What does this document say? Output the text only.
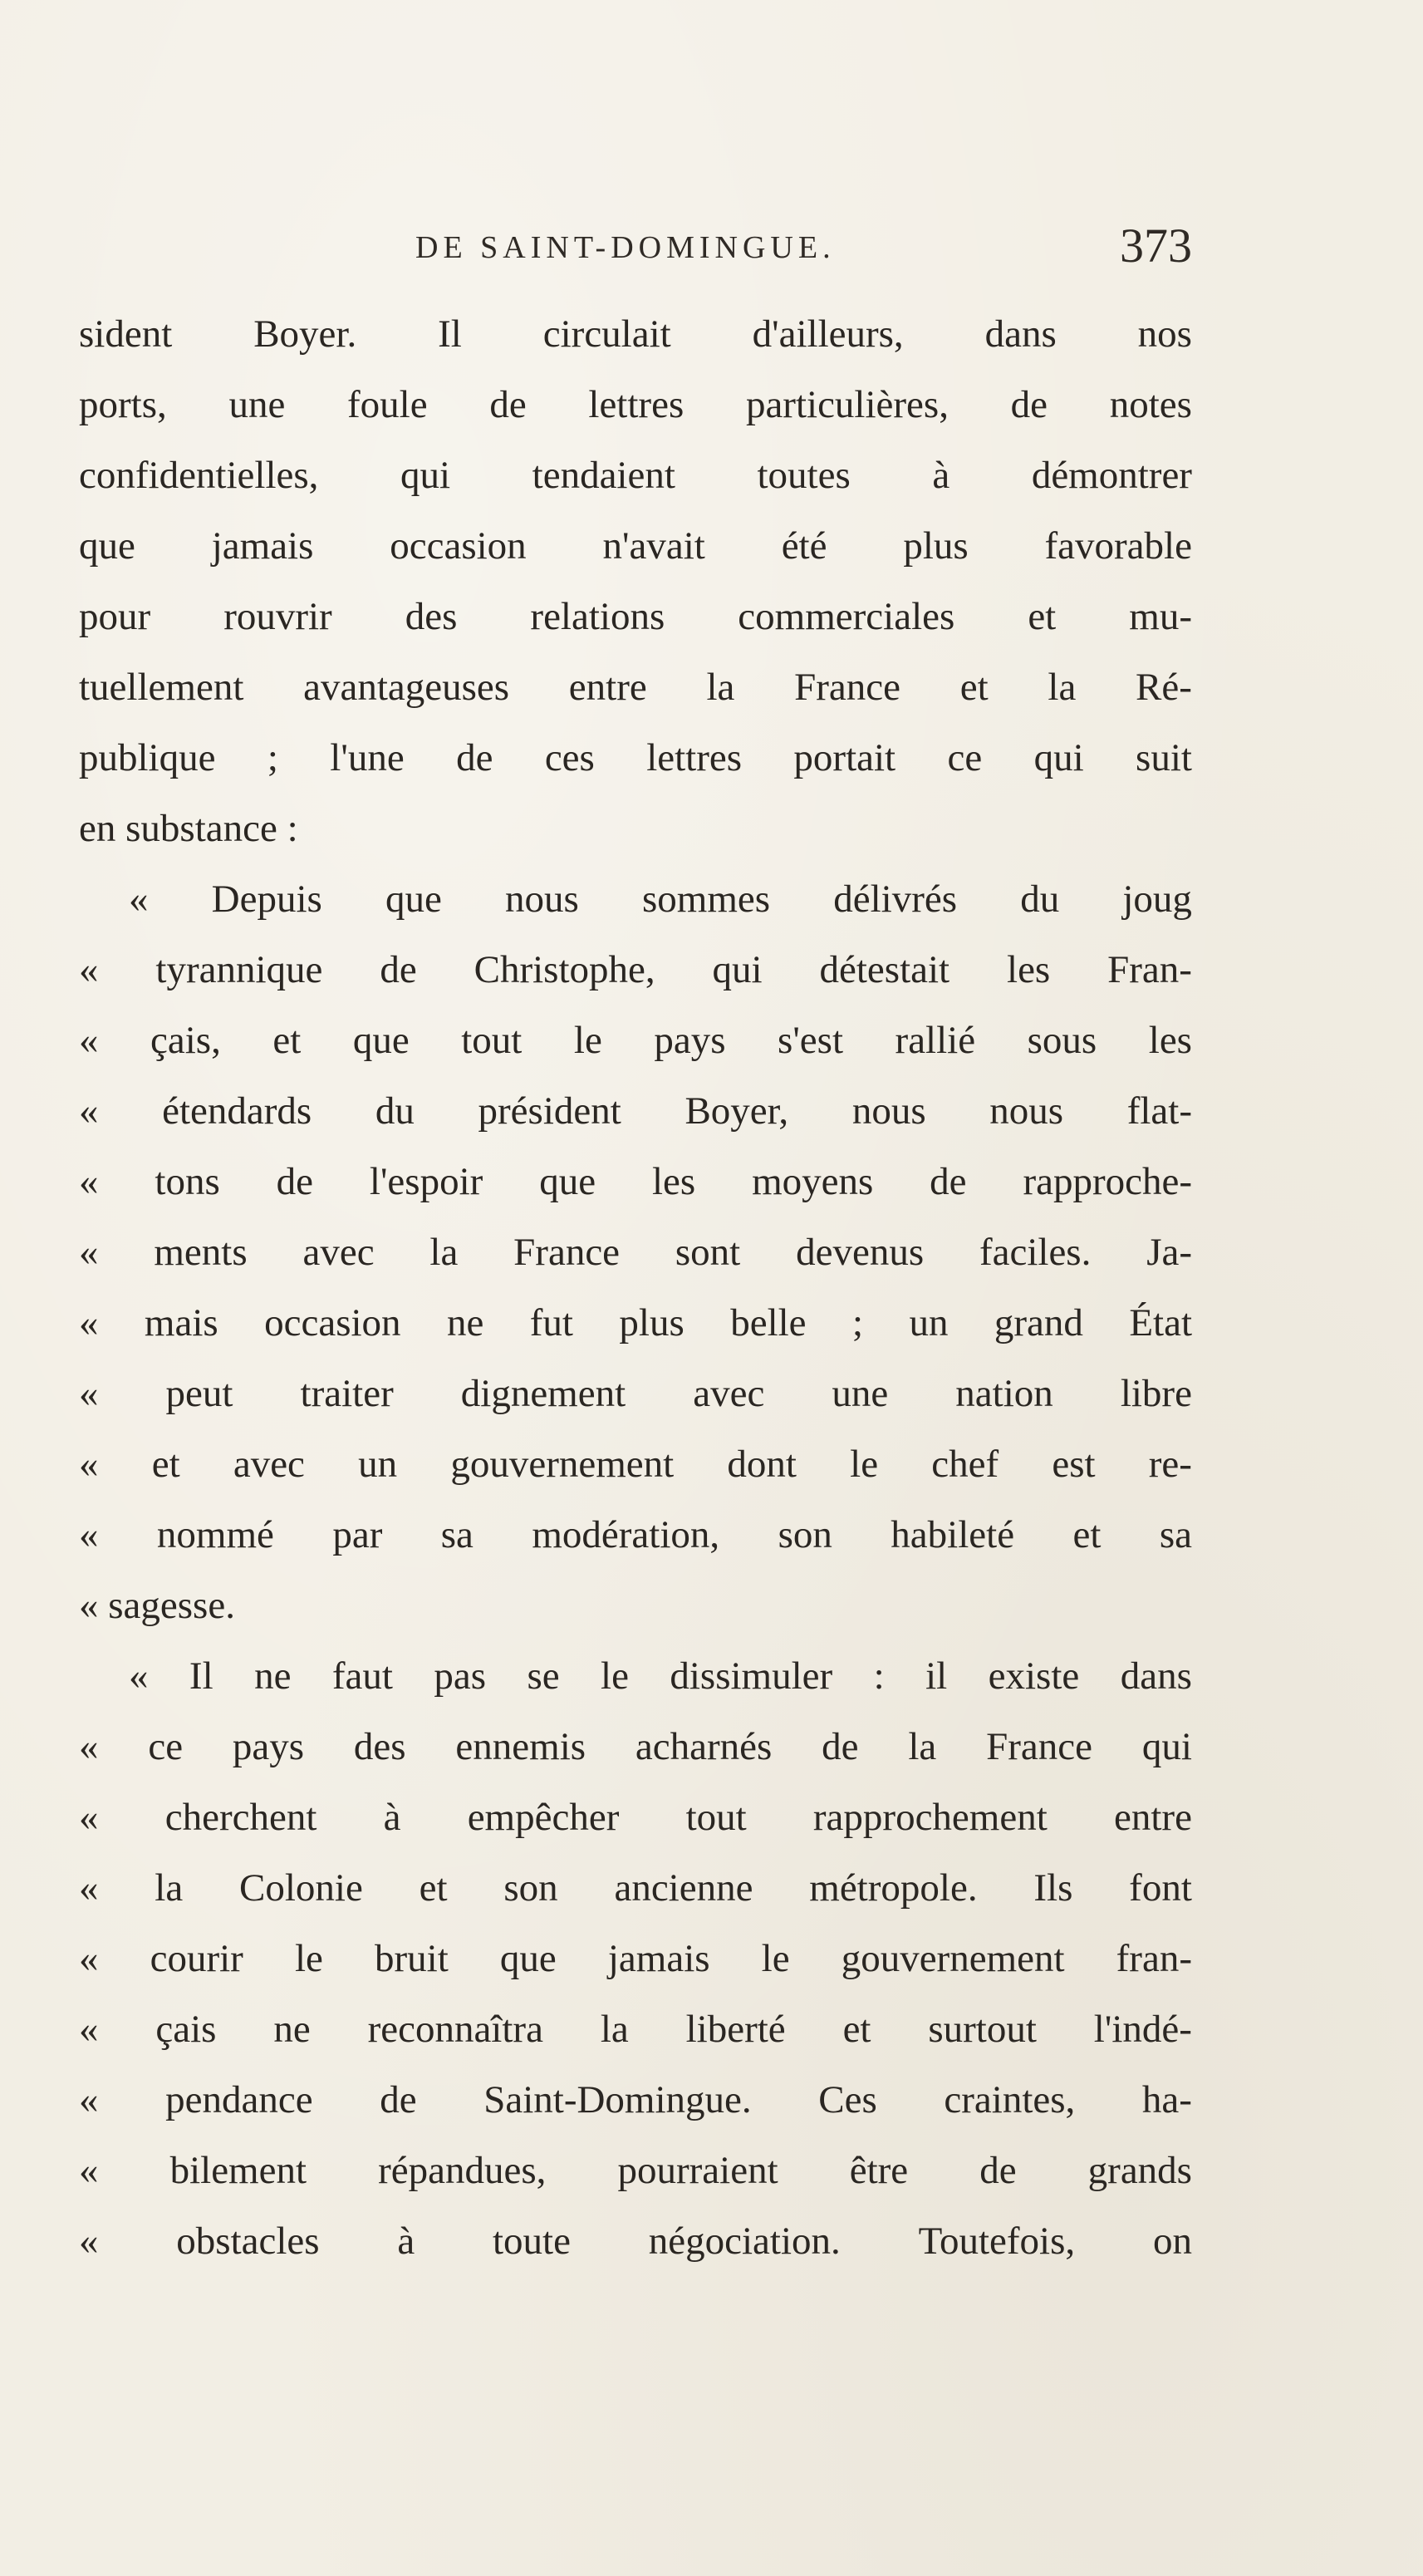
DE SAINT-DOMINGUE.	373
sident Boyer. Il circulait d'ailleurs, dans nos
ports, une foule de lettres particulières, de notes
confidentielles, qui tendaient toutes à démontrer
que jamais occasion n'avait été plus favorable
pour rouvrir des relations commerciales et mu-
tuellement avantageuses entre la France et la Ré-
publique ; l'une de ces lettres portait ce qui suit
en substance :
« Depuis que nous sommes délivrés du joug
« tyrannique de Christophe, qui détestait les Fran-
« çais, et que tout le pays s'est rallié sous les
« étendards du président Boyer, nous nous flat-
« tons de l'espoir que les moyens de rapproche-
« ments avec la France sont devenus faciles. Ja-
« mais occasion ne fut plus belle ; un grand État
« peut traiter dignement avec une nation libre
« et avec un gouvernement dont le chef est re-
« nommé par sa modération, son habileté et sa
« sagesse.
« Il ne faut pas se le dissimuler : il existe dans
« ce pays des ennemis acharnés de la France qui
« cherchent à empêcher tout rapprochement entre
« la Colonie et son ancienne métropole. Ils font
« courir le bruit que jamais le gouvernement fran-
« çais ne reconnaîtra la liberté et surtout l'indé-
« pendance de Saint-Domingue. Ces craintes, ha-
« bilement répandues, pourraient être de grands
« obstacles à toute négociation. Toutefois, on
